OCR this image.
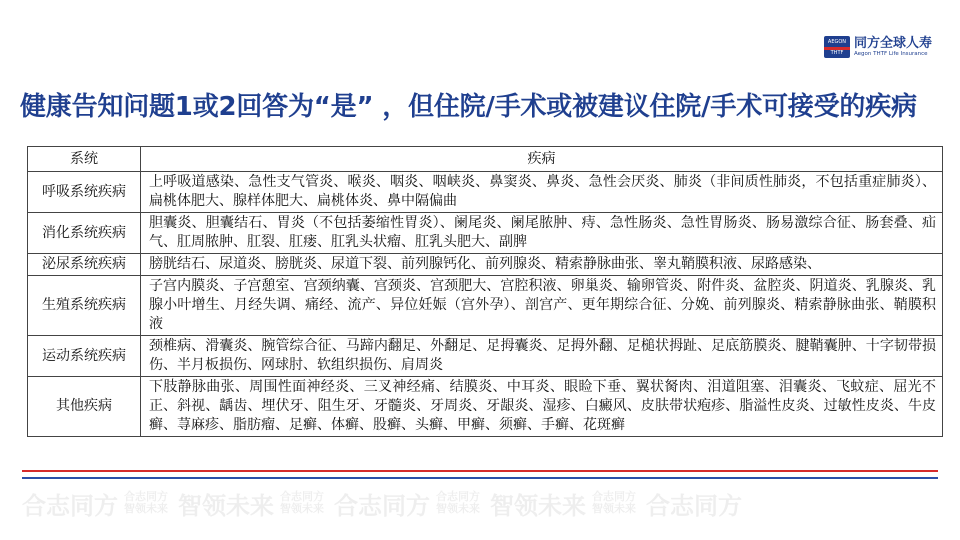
AEGON
THTF
同方全球人寿
Aegon THTF Life Insurance
健康告知问题1或2回答为“是” ，但住院/手术或被建议住院/手术可接受的疾病
系统	疾病
呼吸系统疾病	上呼吸道感染、急性支气管炎、喉炎、咽炎、咽峡炎、鼻窦炎、鼻炎、急性会厌炎、肺炎（非间质性肺炎，不包括重症肺炎）、扁桃体肥大、腺样体肥大、扁桃体炎、鼻中隔偏曲
消化系统疾病	胆囊炎、胆囊结石、胃炎（不包括萎缩性胃炎）、阑尾炎、阑尾脓肿、痔、急性肠炎、急性胃肠炎、肠易激综合征、肠套叠、疝气、肛周脓肿、肛裂、肛瘘、肛乳头状瘤、肛乳头肥大、副脾
泌尿系统疾病	膀胱结石、尿道炎、膀胱炎、尿道下裂、前列腺钙化、前列腺炎、精索静脉曲张、睾丸鞘膜积液、尿路感染、
生殖系统疾病	子宫内膜炎、子宫憩室、宫颈纳囊、宫颈炎、宫颈肥大、宫腔积液、卵巢炎、输卵管炎、附件炎、盆腔炎、阴道炎、乳腺炎、乳腺小叶增生、月经失调、痛经、流产、异位妊娠（宫外孕）、剖宫产、更年期综合征、分娩、前列腺炎、精索静脉曲张、鞘膜积液
运动系统疾病	颈椎病、滑囊炎、腕管综合征、马蹄内翻足、外翻足、足拇囊炎、足拇外翻、足槌状拇趾、足底筋膜炎、腱鞘囊肿、十字韧带损伤、半月板损伤、网球肘、软组织损伤、肩周炎
其他疾病	下肢静脉曲张、周围性面神经炎、三叉神经痛、结膜炎、中耳炎、眼睑下垂、翼状胬肉、泪道阻塞、泪囊炎、飞蚊症、屈光不正、斜视、龋齿、埋伏牙、阻生牙、牙髓炎、牙周炎、牙龈炎、湿疹、白癜风、皮肤带状疱疹、脂溢性皮炎、过敏性皮炎、牛皮癣、荨麻疹、脂肪瘤、足癣、体癣、股癣、头癣、甲癣、须癣、手癣、花斑癣
合志同方 合志同方
智领未来 智领未来 合志同方
智领未来 合志同方 合志同方
智领未来 智领未来 合志同方
智领未来 合志同方
